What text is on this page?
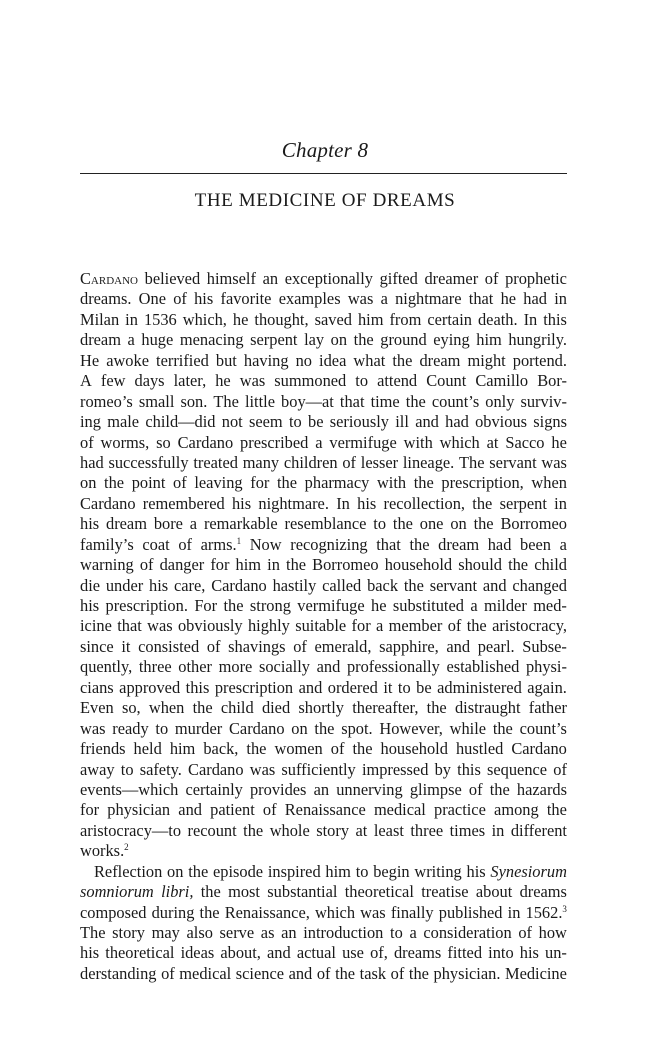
Chapter 8
THE MEDICINE OF DREAMS
Cardano believed himself an exceptionally gifted dreamer of prophetic
dreams. One of his favorite examples was a nightmare that he had in
Milan in 1536 which, he thought, saved him from certain death. In this
dream a huge menacing serpent lay on the ground eying him hungrily.
He awoke terrified but having no idea what the dream might portend.
A few days later, he was summoned to attend Count Camillo Bor-
romeo’s small son. The little boy—at that time the count’s only surviv-
ing male child—did not seem to be seriously ill and had obvious signs
of worms, so Cardano prescribed a vermifuge with which at Sacco he
had successfully treated many children of lesser lineage. The servant was
on the point of leaving for the pharmacy with the prescription, when
Cardano remembered his nightmare. In his recollection, the serpent in
his dream bore a remarkable resemblance to the one on the Borromeo
family’s coat of arms.$^1$ Now recognizing that the dream had been a
warning of danger for him in the Borromeo household should the child
die under his care, Cardano hastily called back the servant and changed
his prescription. For the strong vermifuge he substituted a milder med-
icine that was obviously highly suitable for a member of the aristocracy,
since it consisted of shavings of emerald, sapphire, and pearl. Subse-
quently, three other more socially and professionally established physi-
cians approved this prescription and ordered it to be administered again.
Even so, when the child died shortly thereafter, the distraught father
was ready to murder Cardano on the spot. However, while the count’s
friends held him back, the women of the household hustled Cardano
away to safety. Cardano was sufficiently impressed by this sequence of
events—which certainly provides an unnerving glimpse of the hazards
for physician and patient of Renaissance medical practice among the
aristocracy—to recount the whole story at least three times in different
works.$^2$
Reflection on the episode inspired him to begin writing his Synesiorum
somniorum libri, the most substantial theoretical treatise about dreams
composed during the Renaissance, which was finally published in 1562.$^3$
The story may also serve as an introduction to a consideration of how
his theoretical ideas about, and actual use of, dreams fitted into his un-
derstanding of medical science and of the task of the physician. Medicine
